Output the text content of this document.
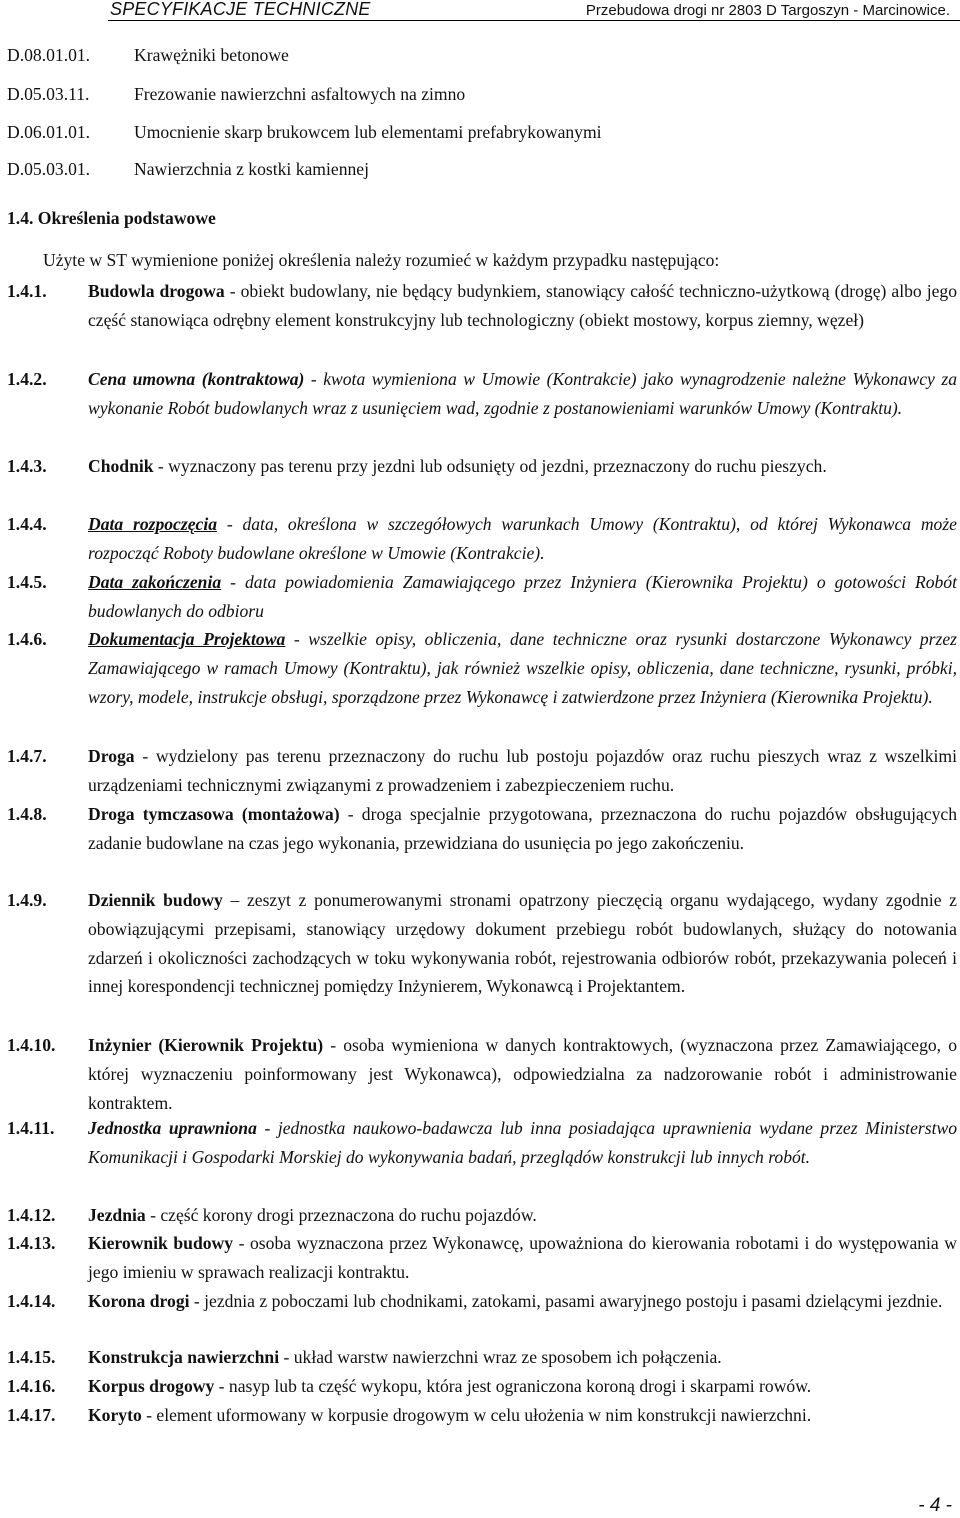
SPECYFIKACJE TECHNICZNE	Przebudowa drogi nr 2803 D Targoszyn - Marcinowice.
D.08.01.01. Krawężniki betonowe
D.05.03.11.	Frezowanie nawierzchni asfaltowych na zimno
D.06.01.01. Umocnienie skarp brukowcem lub elementami prefabrykowanymi
D.05.03.01. Nawierzchnia z kostki kamiennej
1.4. Określenia podstawowe
Użyte w ST wymienione poniżej określenia należy rozumieć w każdym przypadku następująco:
1.4.1. Budowla drogowa - obiekt budowlany, nie będący budynkiem, stanowiący całość techniczno-użytkową (drogę) albo jego część stanowiąca odrębny element konstrukcyjny lub technologiczny (obiekt mostowy, korpus ziemny, węzeł)

1.4.2. Cena umowna (kontraktowa) - kwota wymieniona w Umowie (Kontrakcie) jako wynagrodzenie należne Wykonawcy za wykonanie Robót budowlanych wraz z usunięciem wad, zgodnie z postanowieniami warunków Umowy (Kontraktu).

1.4.3. Chodnik - wyznaczony pas terenu przy jezdni lub odsunięty od jezdni, przeznaczony do ruchu pieszych.

1.4.4. Data rozpoczęcia - data, określona w szczegółowych warunkach Umowy (Kontraktu), od której Wykonawca może rozpocząć Roboty budowlane określone w Umowie (Kontrakcie).

1.4.5. Data zakończenia - data powiadomienia Zamawiającego przez Inżyniera (Kierownika Projektu) o gotowości Robót budowlanych do odbioru

1.4.6. Dokumentacja Projektowa - wszelkie opisy, obliczenia, dane techniczne oraz rysunki dostarczone Wykonawcy przez Zamawiającego w ramach Umowy (Kontraktu), jak również wszelkie opisy, obliczenia, dane techniczne, rysunki, próbki, wzory, modele, instrukcje obsługi, sporządzone przez Wykonawcę i zatwierdzone przez Inżyniera (Kierownika Projektu).

1.4.7. Droga - wydzielony pas terenu przeznaczony do ruchu lub postoju pojazdów oraz ruchu pieszych wraz z wszelkimi urządzeniami technicznymi związanymi z prowadzeniem i zabezpieczeniem ruchu.

1.4.8. Droga tymczasowa (montażowa) - droga specjalnie przygotowana, przeznaczona do ruchu pojazdów obsługujących zadanie budowlane na czas jego wykonania, przewidziana do usunięcia po jego zakończeniu.

1.4.9. Dziennik budowy – zeszyt z ponumerowanymi stronami opatrzony pieczęcią organu wydającego, wydany zgodnie z obowiązującymi przepisami, stanowiący urzędowy dokument przebiegu robót budowlanych, służący do notowania zdarzeń i okoliczności zachodzących w toku wykonywania robót, rejestrowania odbiorów robót, przekazywania poleceń i innej korespondencji technicznej pomiędzy Inżynierem, Wykonawcą i Projektantem.

1.4.10. Inżynier (Kierownik Projektu) - osoba wymieniona w danych kontraktowych, (wyznaczona przez Zamawiającego, o której wyznaczeniu poinformowany jest Wykonawca), odpowiedzialna za nadzorowanie robót i administrowanie kontraktem.

1.4.11. Jednostka uprawniona - jednostka naukowo-badawcza lub inna posiadająca uprawnienia wydane przez Ministerstwo Komunikacji i Gospodarki Morskiej do wykonywania badań, przeglądów konstrukcji lub innych robót.

1.4.12. Jezdnia - część korony drogi przeznaczona do ruchu pojazdów.

1.4.13. Kierownik budowy - osoba wyznaczona przez Wykonawcę, upoważniona do kierowania robotami i do występowania w jego imieniu w sprawach realizacji kontraktu.

1.4.14. Korona drogi - jezdnia z poboczami lub chodnikami, zatokami, pasami awaryjnego postoju i pasami dzielącymi jezdnie.

1.4.15. Konstrukcja nawierzchni - układ warstw nawierzchni wraz ze sposobem ich połączenia.

1.4.16. Korpus drogowy - nasyp lub ta część wykopu, która jest ograniczona koroną drogi i skarpami rowów.

1.4.17. Koryto - element uformowany w korpusie drogowym w celu ułożenia w nim konstrukcji nawierzchni.

- 4 -
